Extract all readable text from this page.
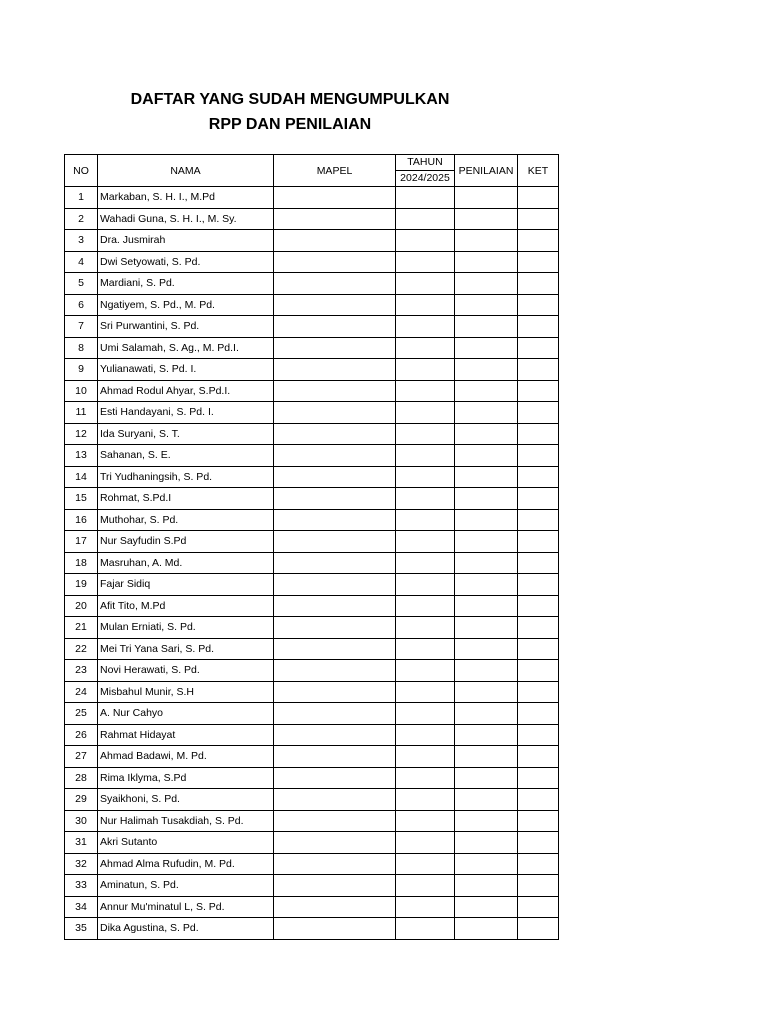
DAFTAR YANG SUDAH MENGUMPULKAN
RPP DAN PENILAIAN
NO	NAMA	MAPEL	TAHUN	PENILAIAN	KET
			2024/2025		
1	Markaban, S. H. I., M.Pd				
2	Wahadi Guna, S. H. I., M. Sy.				
3	Dra. Jusmirah				
4	Dwi Setyowati, S. Pd.				
5	Mardiani, S. Pd.				
6	Ngatiyem, S. Pd., M. Pd.				
7	Sri Purwantini, S. Pd.				
8	Umi Salamah, S. Ag., M. Pd.I.				
9	Yulianawati, S. Pd. I.				
10	Ahmad Rodul Ahyar, S.Pd.I.				
11	Esti Handayani, S. Pd. I.				
12	Ida Suryani, S. T.				
13	Sahanan, S. E.				
14	Tri Yudhaningsih, S. Pd.				
15	Rohmat, S.Pd.I				
16	Muthohar, S. Pd.				
17	Nur Sayfudin S.Pd				
18	Masruhan, A. Md.				
19	Fajar Sidiq				
20	Afit Tito, M.Pd				
21	Mulan Erniati, S. Pd.				
22	Mei Tri Yana Sari, S. Pd.				
23	Novi Herawati, S. Pd.				
24	Misbahul Munir, S.H				
25	A. Nur Cahyo				
26	Rahmat Hidayat				
27	Ahmad Badawi, M. Pd.				
28	Rima Iklyma, S.Pd				
29	Syaikhoni, S. Pd.				
30	Nur Halimah Tusakdiah, S. Pd.				
31	Akri Sutanto				
32	Ahmad Alma Rufudin, M. Pd.				
33	Aminatun, S. Pd.				
34	Annur Mu'minatul L, S. Pd.				
35	Dika Agustina, S. Pd.				
